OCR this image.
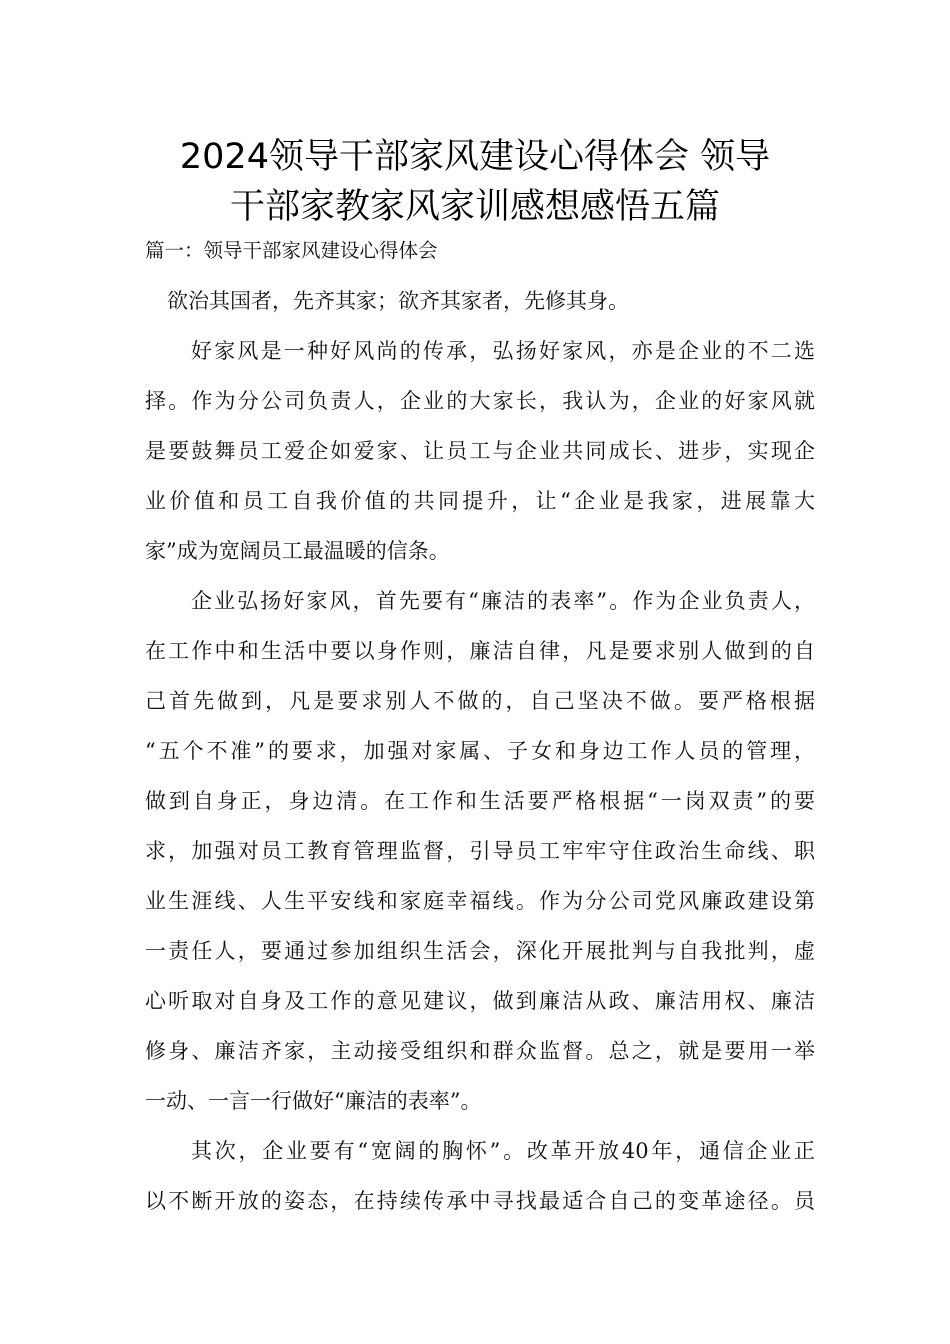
2024领导干部家风建设心得体会 领导
干部家教家风家训感想感悟五篇
篇一：领导干部家风建设心得体会
欲治其国者，先齐其家；欲齐其家者，先修其身。
好家风是一种好风尚的传承，弘扬好家风，亦是企业的不二选
择。作为分公司负责人，企业的大家长，我认为，企业的好家风就
是要鼓舞员工爱企如爱家、让员工与企业共同成长、进步，实现企
业价值和员工自我价值的共同提升，让“企业是我家，进展靠大
家”成为宽阔员工最温暖的信条。
企业弘扬好家风，首先要有“廉洁的表率”。作为企业负责人，
在工作中和生活中要以身作则，廉洁自律，凡是要求别人做到的自
己首先做到，凡是要求别人不做的，自己坚决不做。要严格根据
“五个不准”的要求，加强对家属、子女和身边工作人员的管理，
做到自身正，身边清。在工作和生活要严格根据“一岗双责”的要
求，加强对员工教育管理监督，引导员工牢牢守住政治生命线、职
业生涯线、人生平安线和家庭幸福线。作为分公司党风廉政建设第
一责任人，要通过参加组织生活会，深化开展批判与自我批判，虚
心听取对自身及工作的意见建议，做到廉洁从政、廉洁用权、廉洁
修身、廉洁齐家，主动接受组织和群众监督。总之，就是要用一举
一动、一言一行做好“廉洁的表率”。
其次，企业要有“宽阔的胸怀”。改革开放40年，通信企业正
以不断开放的姿态，在持续传承中寻找最适合自己的变革途径。员
